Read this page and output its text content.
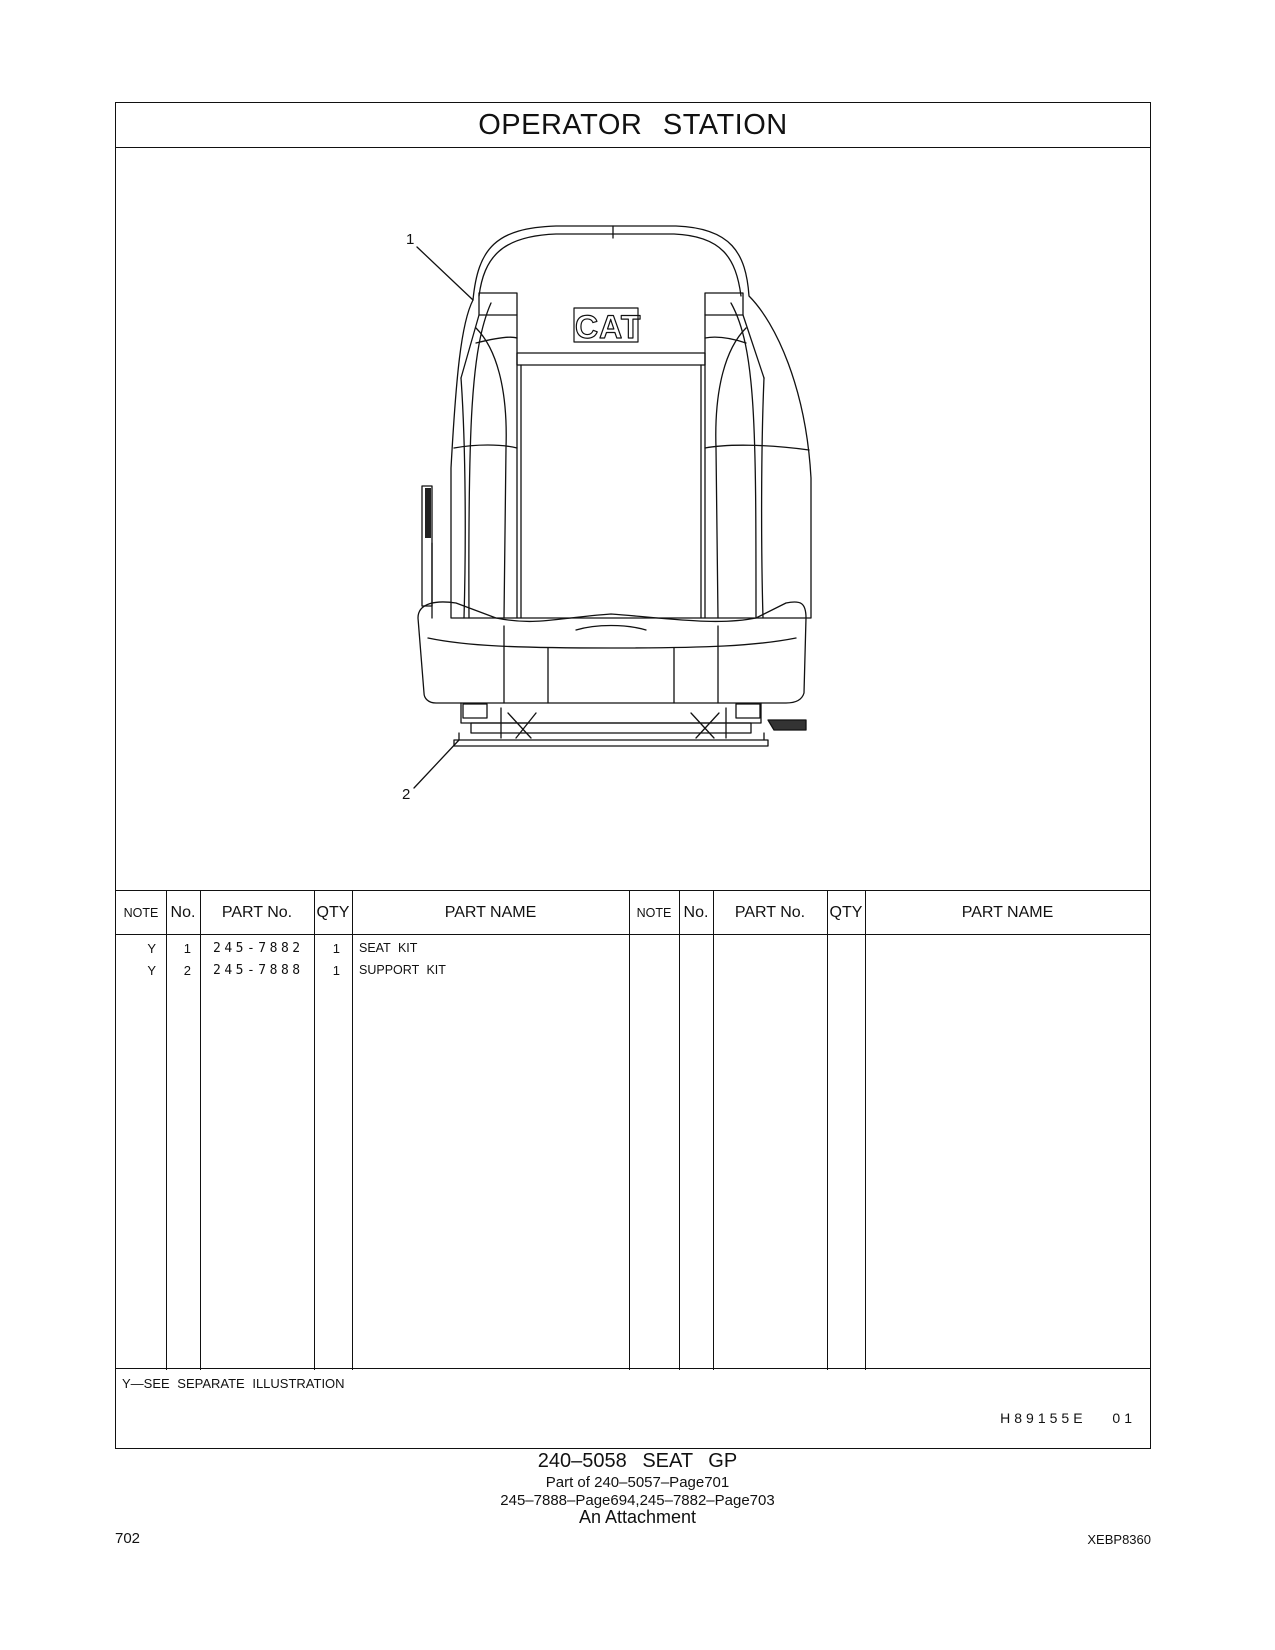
OPERATOR STATION
1
2
CAT
NOTE No.	PART No.	QTY	PART NAME	NOTE No.	PART No.	QTY	PART NAME
Y	1 245-7882	1 SEAT KIT
Y	2 245-7888	1 SUPPORT KIT
Y—SEE SEPARATE ILLUSTRATION
H89155E 01
240–5058 SEAT GP
Part of 240–5057–Page701
245–7888–Page694,245–7882–Page703
An Attachment
702	XEBP8360
